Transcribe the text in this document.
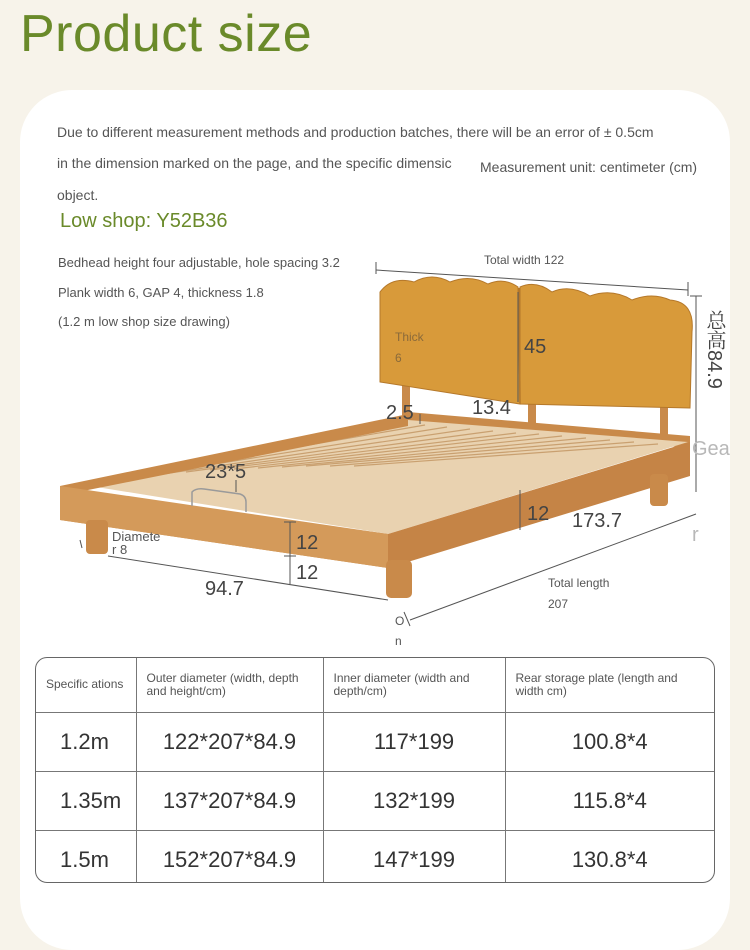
Product size
Due to different measurement methods and production batches, there will be an error of ± 0.5cm
in the dimension marked on the page, and the specific dimensic
object.
Measurement unit: centimeter (cm)
Low shop: Y52B36
Bedhead height four adjustable, hole spacing 3.2
Plank width 6, GAP 4, thickness 1.8
(1.2 m low shop size drawing)
Total width 122
总高84.9
45
Thick
6
2.5	13.4
23*5
12
12
12
173.7
94.7
Diamete
r 8
Total length
207
Gea
r
O
n
Specific ations	Outer diameter (width, depth and height/cm)	Inner diameter (width and depth/cm)	Rear storage plate (length and width cm)
1.2m	122*207*84.9	117*199	100.8*4
1.35m	137*207*84.9	132*199	115.8*4
1.5m	152*207*84.9	147*199	130.8*4
